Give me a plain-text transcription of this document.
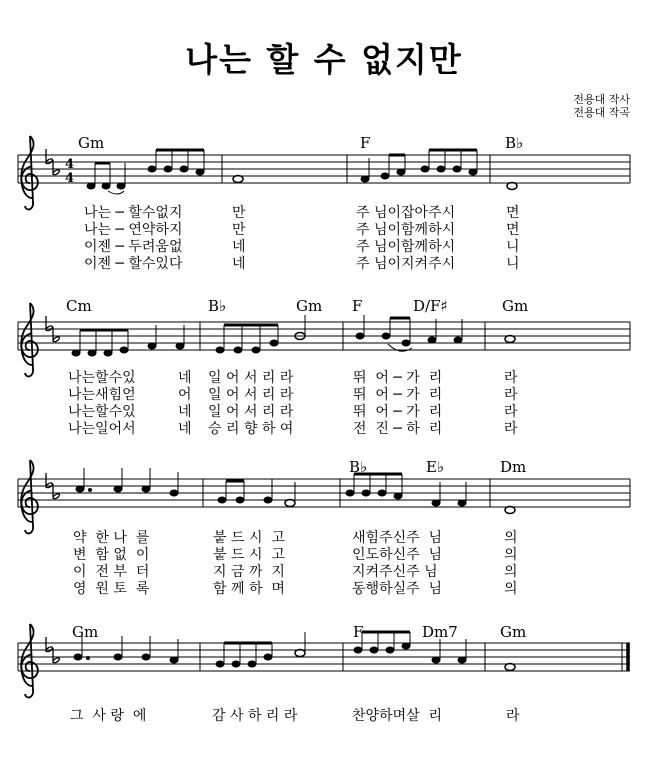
나는 할 수 없지만
전용대 작사
전용대 작곡
4
4
Gm	F	B♭
Cm	B♭	Gm F	D/F♯	Gm
B♭	E♭	Dm
Gm	F	Dm7	Gm
나는 ─ 할수없지	만	주 님이잡아주시	면
나는 ─ 연약하지	만	주 님이함께하시	면
이젠 ─ 두려움없	네	주 님이함께하시	니
이젠 ─ 할수있다	네	주 님이지켜주시	니
나는할수있	네 일 어 서 리 라	뛰  어 ─ 가  리	라
나는새힘얻	어 일 어 서 리 라	뛰  어 ─ 가  리	라
나는할수있	네 일 어 서 리 라	뛰  어 ─ 가  리	라
나는일어서	네 승 리 향 하 여	전  진 ─ 하  리	라
약  한 나  를	붙 드 시  고	새힘주신주  님	의
변  함 없  이	붙 드 시  고	인도하신주  님	의
이  전 부  터	지 금 까  지	지켜주신주 님	의
영  원 토  록	함 께 하  며	동행하실주  님	의
그  사 랑  에	감 사 하 리 라	찬양하며살  리	라
